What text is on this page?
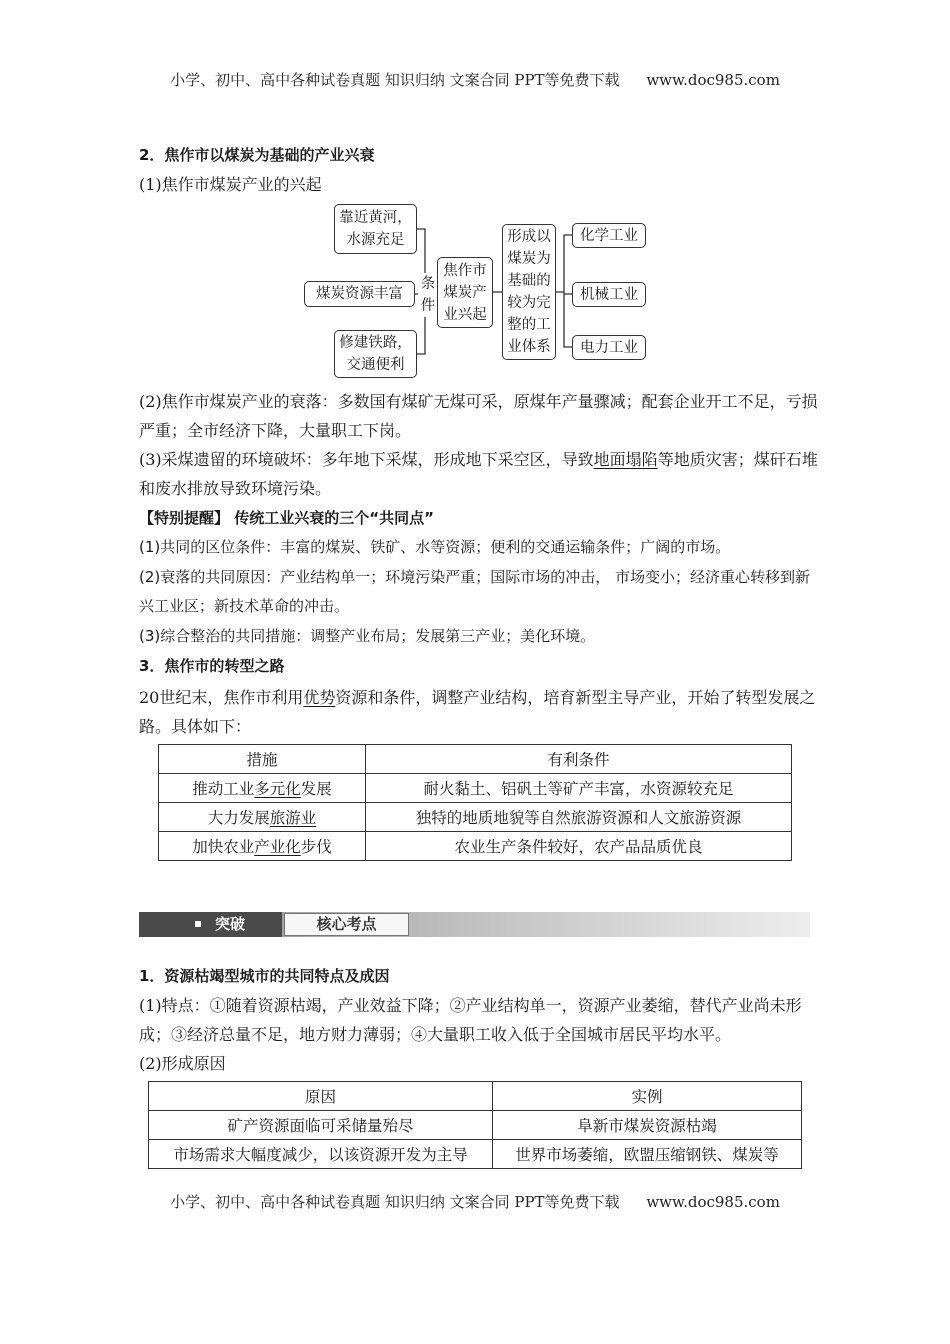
小学、初中、高中各种试卷真题 知识归纳 文案合同 PPT等免费下载 www.doc985.com
2．焦作市以煤炭为基础的产业兴衰
(1)焦作市煤炭产业的兴起
靠近黄河，
水源充足
煤炭资源丰富
修建铁路，
交通便利
条
件
焦作市
煤炭产
业兴起
形成以
煤炭为
基础的
较为完
整的工
业体系
化学工业
机械工业
电力工业
(2)焦作市煤炭产业的衰落：多数国有煤矿无煤可采，原煤年产量骤减；配套企业开工不足，亏损严重；全市经济下降，大量职工下岗。
(3)采煤遗留的环境破坏：多年地下采煤，形成地下采空区，导致地面塌陷等地质灾害；煤矸石堆和废水排放导致环境污染。
【特别提醒】 传统工业兴衰的三个“共同点”
(1)共同的区位条件：丰富的煤炭、铁矿、水等资源；便利的交通运输条件；广阔的市场。
(2)衰落的共同原因：产业结构单一；环境污染严重；国际市场的冲击， 市场变小；经济重心转移到新兴工业区；新技术革命的冲击。
(3)综合整治的共同措施：调整产业布局；发展第三产业；美化环境。
3．焦作市的转型之路
20世纪末，焦作市利用优势资源和条件，调整产业结构，培育新型主导产业，开始了转型发展之路。具体如下：
措施	有利条件
推动工业多元化发展	耐火黏土、铝矾土等矿产丰富，水资源较充足
大力发展旅游业	独特的地质地貌等自然旅游资源和人文旅游资源
加快农业产业化步伐	农业生产条件较好，农产品品质优良
突破	核心考点
1．资源枯竭型城市的共同特点及成因
(1)特点：①随着资源枯竭，产业效益下降；②产业结构单一，资源产业萎缩，替代产业尚未形成；③经济总量不足，地方财力薄弱；④大量职工收入低于全国城市居民平均水平。
(2)形成原因
原因	实例
矿产资源面临可采储量殆尽	阜新市煤炭资源枯竭
市场需求大幅度减少，以该资源开发为主导	世界市场萎缩，欧盟压缩钢铁、煤炭等
小学、初中、高中各种试卷真题 知识归纳 文案合同 PPT等免费下载 www.doc985.com
